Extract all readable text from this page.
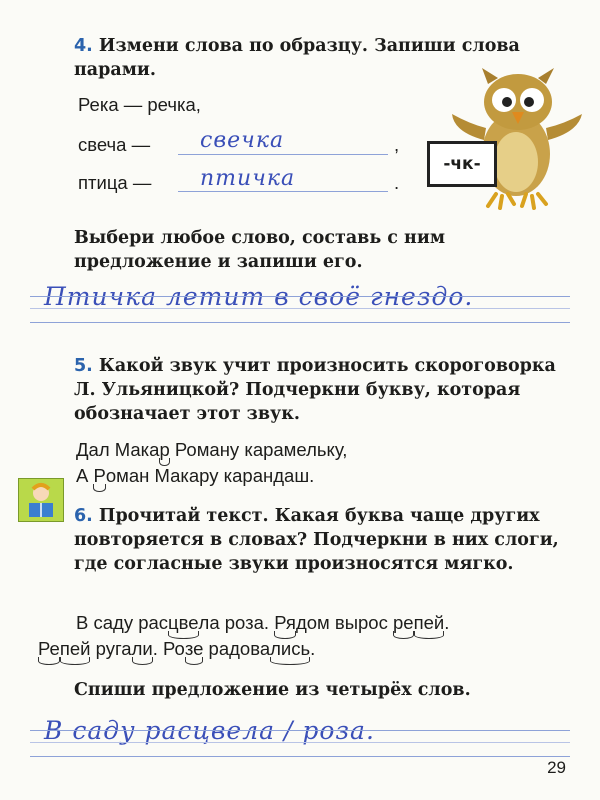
4. Измени слова по образцу. Запиши слова парами.
Река — речка,
свеча — свечка	,
птица — птичка	.
-чк-
Выбери любое слово, составь с ним предложение и запиши его.
Птичка летит в своё гнездо.
5. Какой звук учит произносить скороговорка Л. Ульяницкой? Подчеркни букву, которая обозначает этот звук.
Дал Макар Роману карамельку,
А Роман Макару карандаш.
6. Прочитай текст. Какая буква чаще других повторяется в словах? Подчеркни в них слоги, где согласные звуки произносятся мягко.
В саду расцвела роза. Рядом вырос репей.
Репей ругали. Розе радовались.
Спиши предложение из четырёх слов.
В саду расцвела / роза.
29
